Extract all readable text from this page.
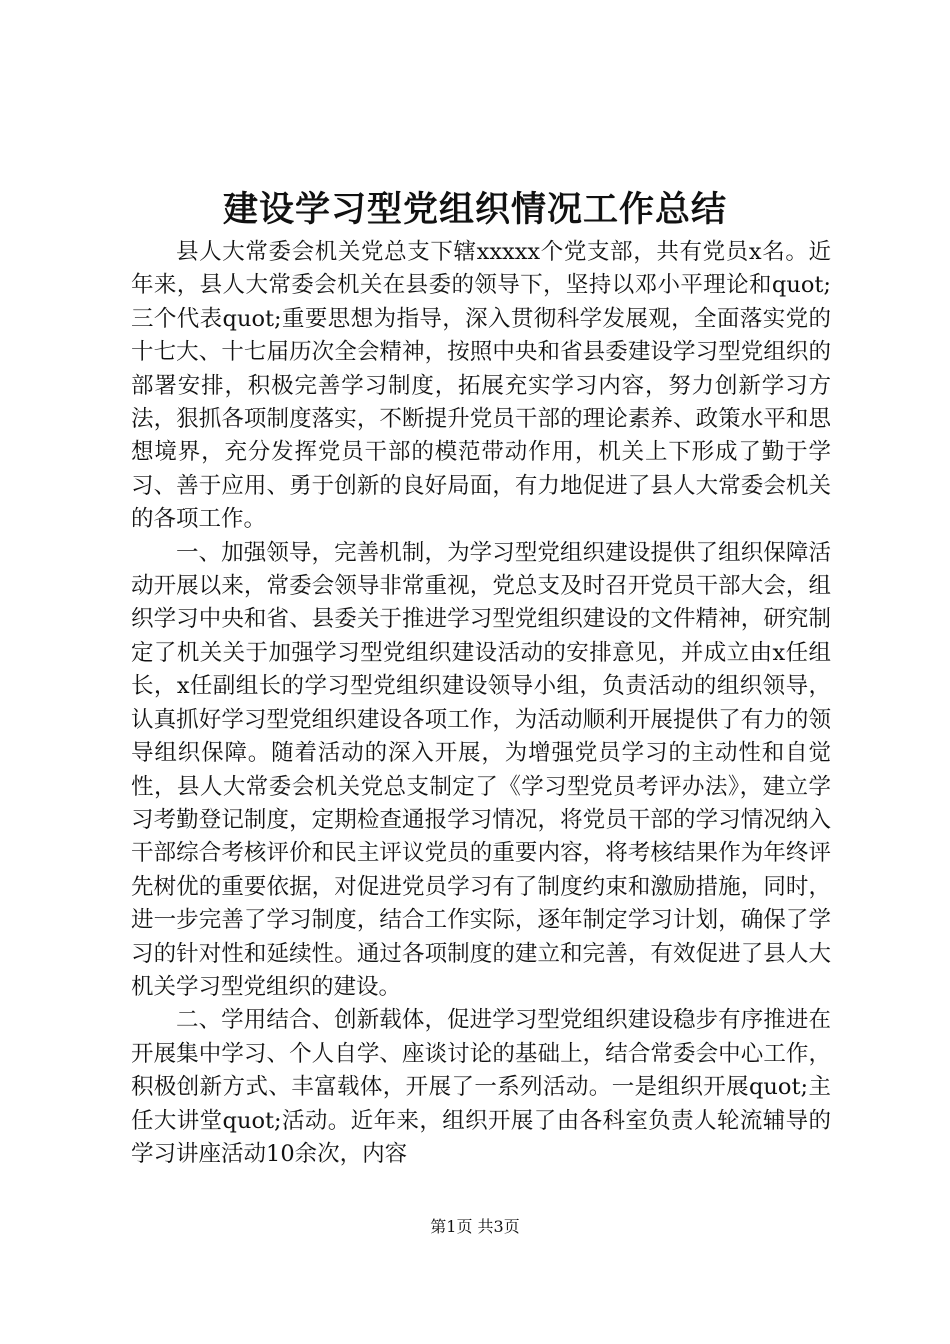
建设学习型党组织情况工作总结

县人大常委会机关党总支下辖xxxxx个党支部，共有党员x名。近年来，县人大常委会机关在县委的领导下，坚持以邓小平理论和quot;三个代表quot;重要思想为指导，深入贯彻科学发展观，全面落实党的十七大、十七届历次全会精神，按照中央和省县委建设学习型党组织的部署安排，积极完善学习制度，拓展充实学习内容，努力创新学习方法，狠抓各项制度落实，不断提升党员干部的理论素养、政策水平和思想境界，充分发挥党员干部的模范带动作用，机关上下形成了勤于学习、善于应用、勇于创新的良好局面，有力地促进了县人大常委会机关的各项工作。

一、加强领导，完善机制，为学习型党组织建设提供了组织保障活动开展以来，常委会领导非常重视，党总支及时召开党员干部大会，组织学习中央和省、县委关于推进学习型党组织建设的文件精神，研究制定了机关关于加强学习型党组织建设活动的安排意见，并成立由x任组长，x任副组长的学习型党组织建设领导小组，负责活动的组织领导，认真抓好学习型党组织建设各项工作，为活动顺利开展提供了有力的领导组织保障。随着活动的深入开展，为增强党员学习的主动性和自觉性，县人大常委会机关党总支制定了《学习型党员考评办法》，建立学习考勤登记制度，定期检查通报学习情况，将党员干部的学习情况纳入干部综合考核评价和民主评议党员的重要内容，将考核结果作为年终评先树优的重要依据，对促进党员学习有了制度约束和激励措施，同时，进一步完善了学习制度，结合工作实际，逐年制定学习计划，确保了学习的针对性和延续性。通过各项制度的建立和完善，有效促进了县人大机关学习型党组织的建设。

二、学用结合、创新载体，促进学习型党组织建设稳步有序推进在开展集中学习、个人自学、座谈讨论的基础上，结合常委会中心工作，积极创新方式、丰富载体，开展了一系列活动。一是组织开展quot;主任大讲堂quot;活动。近年来，组织开展了由各科室负责人轮流辅导的学习讲座活动10余次，内容

第1页 共3页
